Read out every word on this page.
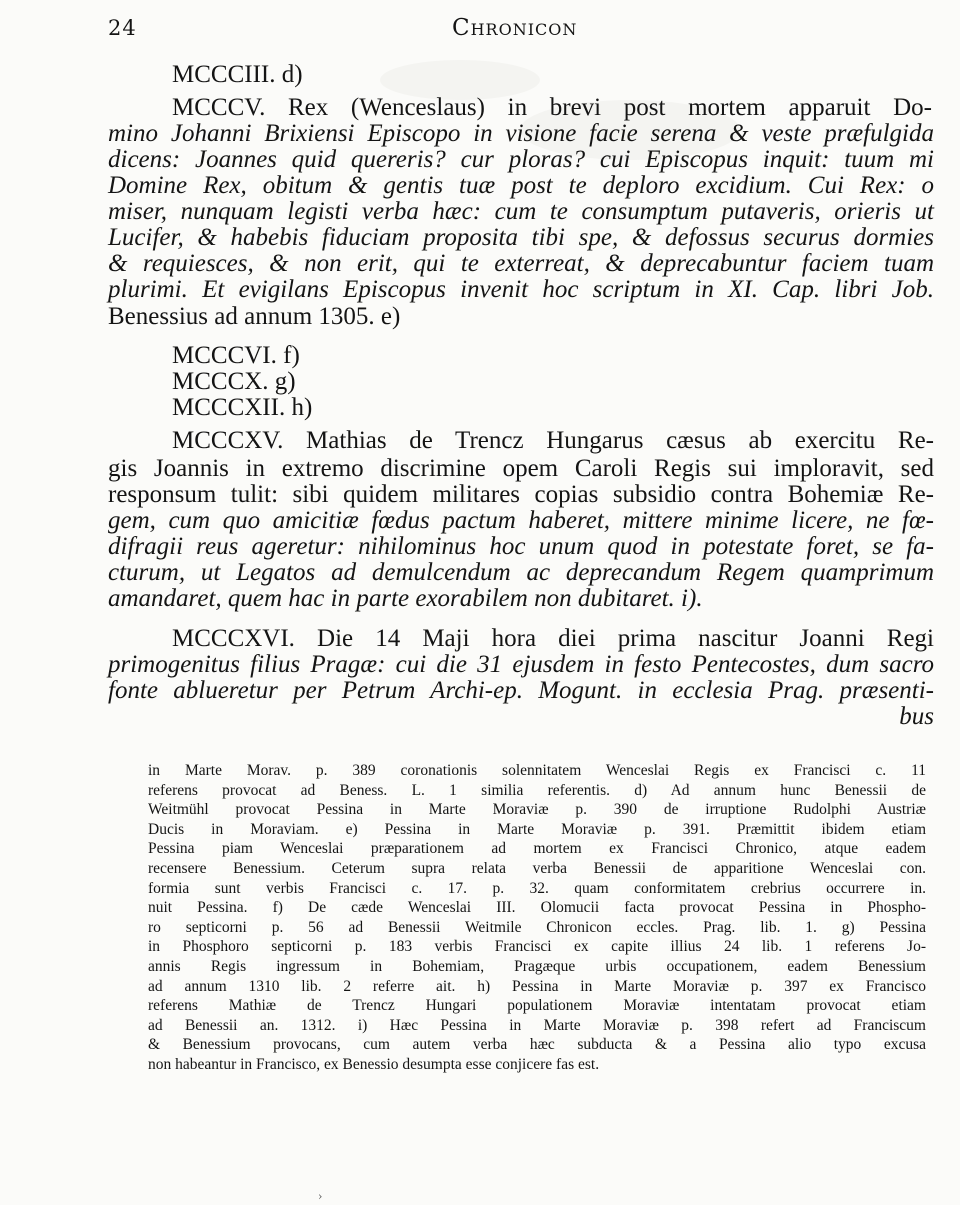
24	Chronicon
MCCCIII. d)
MCCCV. Rex (Wenceslaus) in brevi post mortem apparuit Do-
mino Johanni Brixiensi Episcopo in visione facie serena & veste præfulgida
dicens: Joannes quid quereris? cur ploras? cui Episcopus inquit: tuum mi
Domine Rex, obitum & gentis tuæ post te deploro excidium. Cui Rex: o
miser, nunquam legisti verba hæc: cum te consumptum putaveris, orieris ut
Lucifer, & habebis fiduciam proposita tibi spe, & defossus securus dormies
& requiesces, & non erit, qui te exterreat, & deprecabuntur faciem tuam
plurimi. Et evigilans Episcopus invenit hoc scriptum in XI. Cap. libri Job.
Benessius ad annum 1305. e)
MCCCVI. f)
MCCCX. g)
MCCCXII. h)
MCCCXV. Mathias de Trencz Hungarus cæsus ab exercitu Re-
gis Joannis in extremo discrimine opem Caroli Regis sui imploravit, sed
responsum tulit: sibi quidem militares copias subsidio contra Bohemiæ Re-
gem, cum quo amicitiæ fœdus pactum haberet, mittere minime licere, ne fœ-
difragii reus ageretur: nihilominus hoc unum quod in potestate foret, se fa-
cturum, ut Legatos ad demulcendum ac deprecandum Regem quamprimum
amandaret, quem hac in parte exorabilem non dubitaret. i).
MCCCXVI. Die 14 Maji hora diei prima nascitur Joanni Regi
primogenitus filius Pragæ: cui die 31 ejusdem in festo Pentecostes, dum sacro
fonte ablueretur per Petrum Archi-ep. Mogunt. in ecclesia Prag. præsenti-
bus
in Marte Morav. p. 389 coronationis solennitatem Wenceslai Regis ex Francisci c. 11
referens provocat ad Beness. L. 1 similia referentis. d) Ad annum hunc Benessii de
Weitmühl provocat Pessina in Marte Moraviæ p. 390 de irruptione Rudolphi Austriæ
Ducis in Moraviam. e) Pessina in Marte Moraviæ p. 391. Præmittit ibidem etiam
Pessina piam Wenceslai præparationem ad mortem ex Francisci Chronico, atque eadem
recensere Benessium. Ceterum supra relata verba Benessii de apparitione Wenceslai con.
formia sunt verbis Francisci c. 17. p. 32. quam conformitatem crebrius occurrere in.
nuit Pessina. f) De cæde Wenceslai III. Olomucii facta provocat Pessina in Phospho-
ro septicorni p. 56 ad Benessii Weitmile Chronicon eccles. Prag. lib. 1. g) Pessina
in Phosphoro septicorni p. 183 verbis Francisci ex capite illius 24 lib. 1 referens Jo-
annis Regis ingressum in Bohemiam, Pragæque urbis occupationem, eadem Benessium
ad annum 1310 lib. 2 referre ait. h) Pessina in Marte Moraviæ p. 397 ex Francisco
referens Mathiæ de Trencz Hungari populationem Moraviæ intentatam provocat etiam
ad Benessii an. 1312. i) Hæc Pessina in Marte Moraviæ p. 398 refert ad Franciscum
& Benessium provocans, cum autem verba hæc subducta & a Pessina alio typo excusa
non habeantur in Francisco, ex Benessio desumpta esse conjicere fas est.
›
